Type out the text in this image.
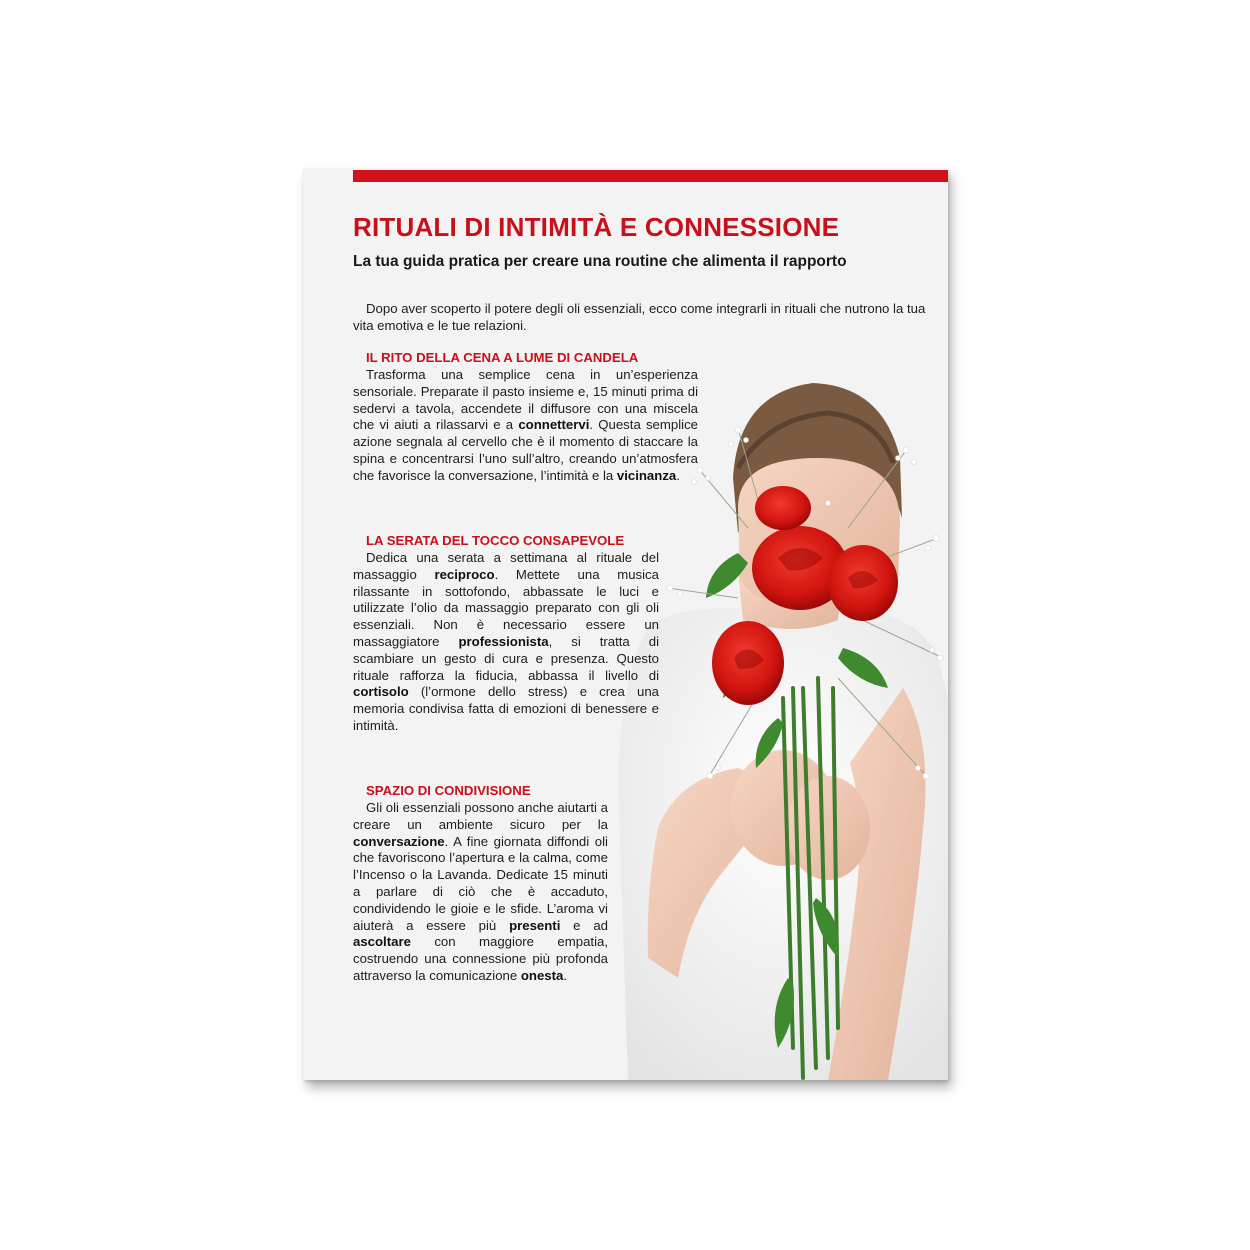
RITUALI DI INTIMITÀ E CONNESSIONE
La tua guida pratica per creare una routine che alimenta il rapporto

Dopo aver scoperto il potere degli oli essenziali, ecco come integrarli in rituali che nutrono la tua vita emotiva e le tue relazioni.

IL RITO DELLA CENA A LUME DI CANDELA

Trasforma una semplice cena in un’esperienza sensoriale. Preparate il pasto insieme e, 15 minuti prima di sedervi a tavola, accendete il diffusore con una miscela che vi aiuti a rilassarvi e a connettervi. Questa semplice azione segnala al cervello che è il momento di staccare la spina e concentrarsi l’uno sull’altro, creando un’atmosfera che favorisce la conversazione, l’intimità e la vicinanza.

LA SERATA DEL TOCCO CONSAPEVOLE

Dedica una serata a settimana al rituale del massaggio reciproco. Mettete una musica rilassante in sottofondo, abbassate le luci e utilizzate l’olio da massaggio preparato con gli oli essenziali. Non è necessario essere un massaggiatore professionista, si tratta di scambiare un gesto di cura e presenza. Questo rituale rafforza la fiducia, abbassa il livello di cortisolo (l’ormone dello stress) e crea una memoria condivisa fatta di emozioni di benessere e intimità.

SPAZIO DI CONDIVISIONE

Gli oli essenziali possono anche aiutarti a creare un ambiente sicuro per la conversazione. A fine giornata diffondi oli che favoriscono l’apertura e la calma, come l’Incenso o la Lavanda. Dedicate 15 minuti a parlare di ciò che è accaduto, condividendo le gioie e le sfide. L’aroma vi aiuterà a essere più presenti e ad ascoltare con maggiore empatia, costruendo una connessione più profonda attraverso la comunicazione onesta.
